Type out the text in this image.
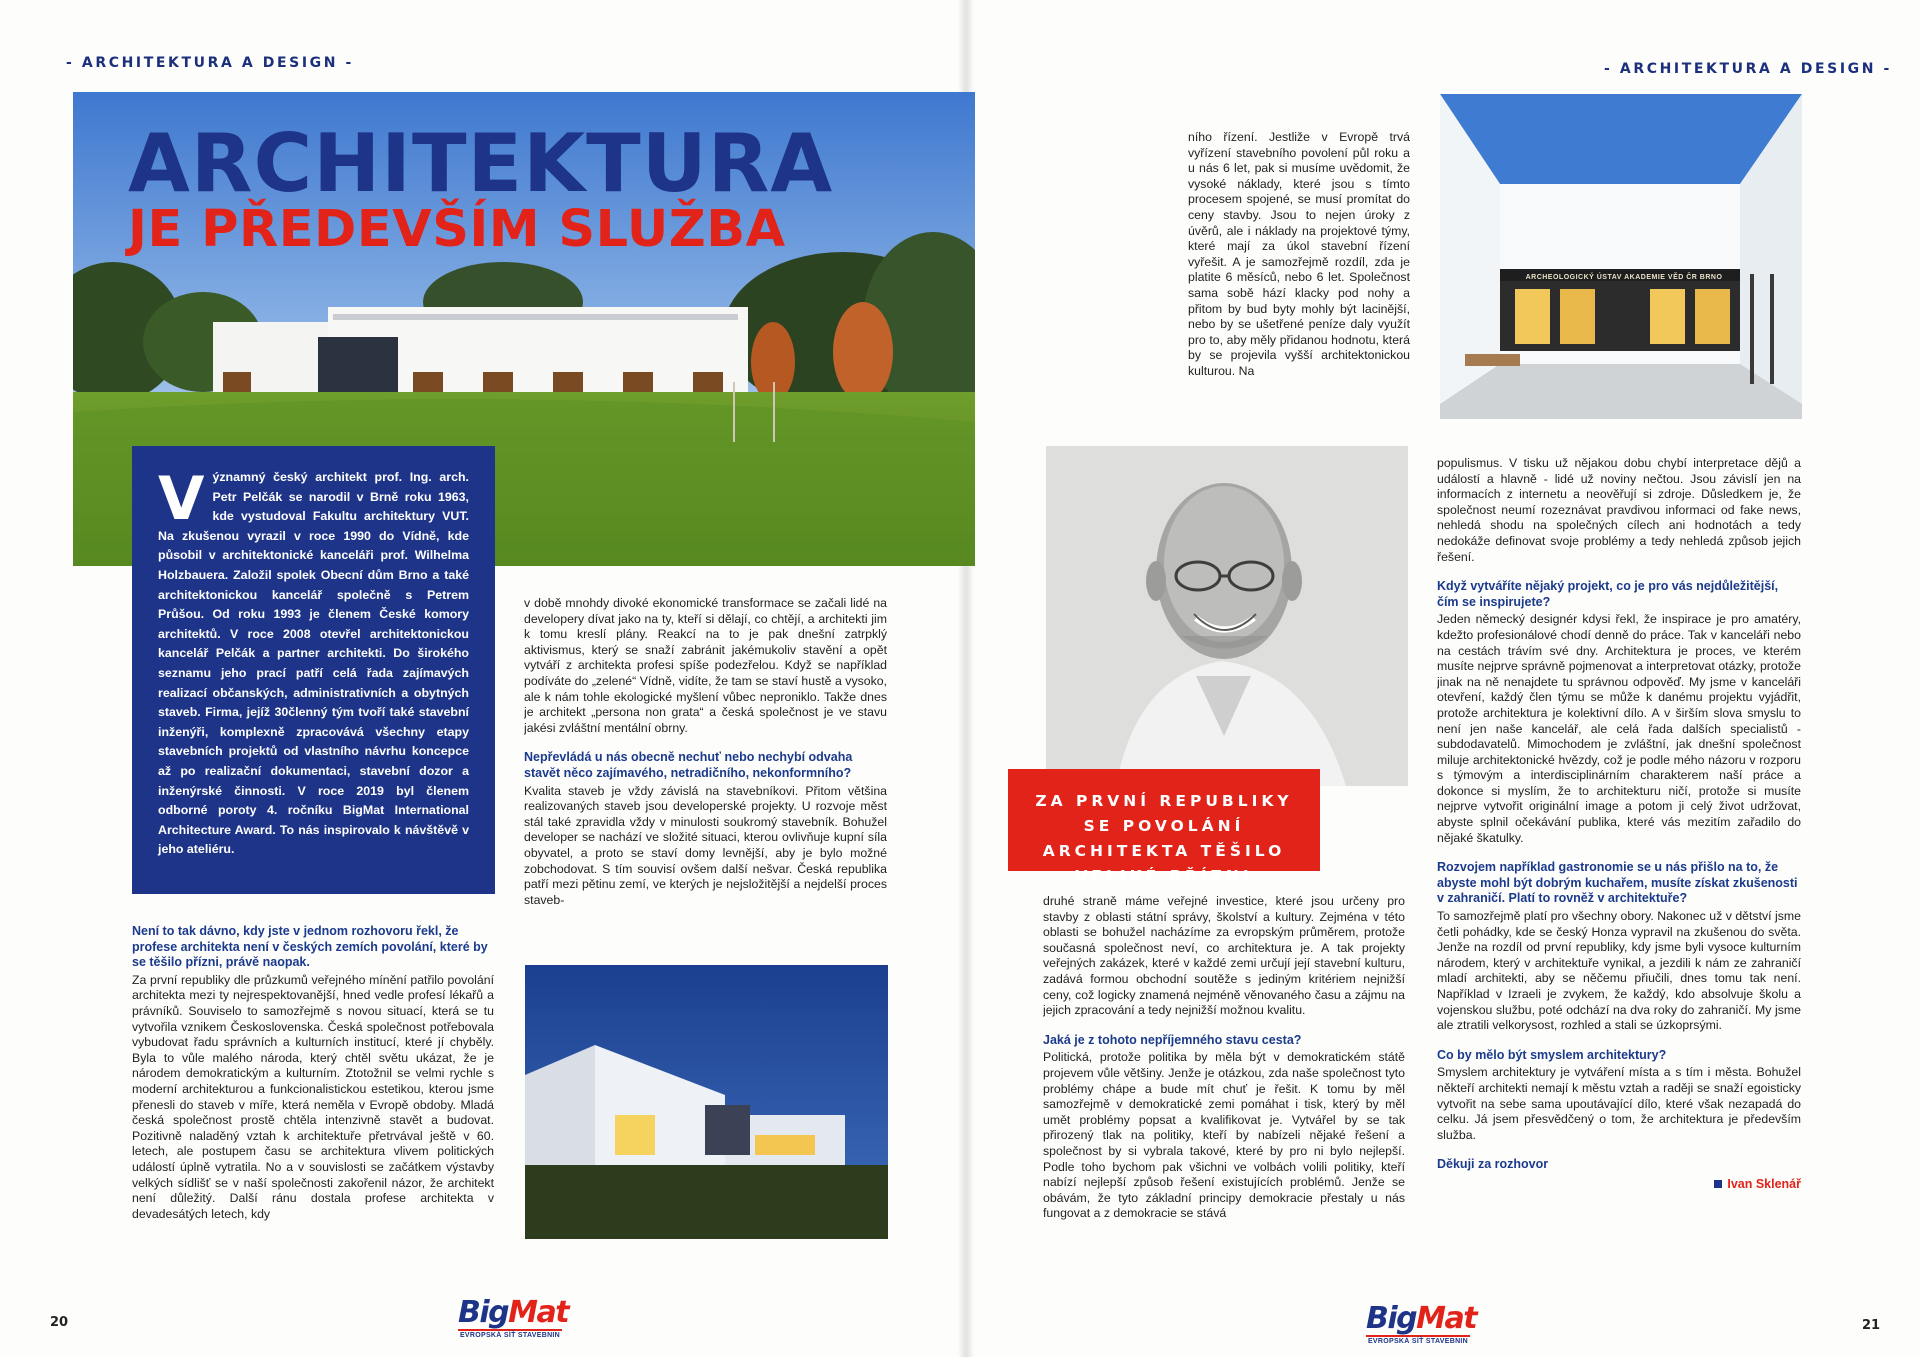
- ARCHITEKTURA A DESIGN -
ARCHITEKTURA
JE PŘEDEVŠÍM SLUŽBA
V ýznamný český architekt prof. Ing. arch. Petr Pelčák se narodil v Brně roku 1963, kde vystudoval Fakultu architektury VUT. Na zkušenou vyrazil v roce 1990 do Vídně, kde působil v architektonické kanceláři prof. Wilhelma Holzbauera. Založil spolek Obecní dům Brno a také architektonickou kancelář společně s Petrem Průšou. Od roku 1993 je členem České komory architektů. V roce 2008 otevřel architektonickou kancelář Pelčák a partner architekti. Do širokého seznamu jeho prací patří celá řada zajímavých realizací občanských, administrativních a obytných staveb. Firma, jejíž 30členný tým tvoří také stavební inženýři, komplexně zpracovává všechny etapy stavebních projektů od vlastního návrhu koncepce až po realizační dokumentaci, stavební dozor a inženýrské činnosti. V roce 2019 byl členem odborné poroty 4. ročníku BigMat International Architecture Award. To nás inspirovalo k návštěvě v jeho ateliéru.

Není to tak dávno, kdy jste v jednom rozhovoru řekl, že profese architekta není v českých zemích povolání, které by se těšilo přízni, právě naopak.

Za první republiky dle průzkumů veřejného mínění patřilo povolání architekta mezi ty nejrespektovanější, hned vedle profesí lékařů a právníků. Souviselo to samozřejmě s novou situací, která se tu vytvořila vznikem Československa. Česká společnost potřebovala vybudovat řadu správních a kulturních institucí, které jí chyběly. Byla to vůle malého národa, který chtěl světu ukázat, že je národem demokratickým a kulturním. Ztotožnil se velmi rychle s moderní architekturou a funkcionalistickou estetikou, kterou jsme přenesli do staveb v míře, která neměla v Evropě obdoby. Mladá česká společnost prostě chtěla intenzivně stavět a budovat. Pozitivně naladěný vztah k architektuře přetrvával ještě v 60. letech, ale postupem času se architektura vlivem politických událostí úplně vytratila. No a v souvislosti se začátkem výstavby velkých sídlišť se v naší společnosti zakořenil názor, že architekt není důležitý. Další ránu dostala profese architekta v devadesátých letech, kdy

v době mnohdy divoké ekonomické transformace se začali lidé na developery dívat jako na ty, kteří si dělají, co chtějí, a architekti jim k tomu kreslí plány. Reakcí na to je pak dnešní zatrpklý aktivismus, který se snaží zabránit jakémukoliv stavění a opět vytváří z architekta profesi spíše podezřelou. Když se například podíváte do „zelené“ Vídně, vidíte, že tam se staví hustě a vysoko, ale k nám tohle ekologické myšlení vůbec neproniklo. Takže dnes je architekt „persona non grata“ a česká společnost je ve stavu jakési zvláštní mentální obrny.

Nepřevládá u nás obecně nechuť nebo nechybí odvaha stavět něco zajímavého, netradičního, nekonformního?

Kvalita staveb je vždy závislá na stavebníkovi. Přitom většina realizovaných staveb jsou developerské projekty. U rozvoje měst stál také zpravidla vždy v minulosti soukromý stavebník. Bohužel developer se nachází ve složité situaci, kterou ovlivňuje kupní síla obyvatel, a proto se staví domy levnější, aby je bylo možné zobchodovat. S tím souvisí ovšem další nešvar. Česká republika patří mezi pětinu zemí, ve kterých je nejsložitější a nejdelší proces staveb-

20	BigMat
EVROPSKÁ SÍŤ STAVEBNIN
- ARCHITEKTURA A DESIGN -

ního řízení. Jestliže v Evropě trvá vyřízení stavebního povolení půl roku a u nás 6 let, pak si musíme uvědomit, že vysoké náklady, které jsou s tímto procesem spojené, se musí promítat do ceny stavby. Jsou to nejen úroky z úvěrů, ale i náklady na projektové týmy, které mají za úkol stavební řízení vyřešit. A je samozřejmě rozdíl, zda je platite 6 měsíců, nebo 6 let. Společnost sama sobě hází klacky pod nohy a přitom by bud byty mohly být lacinější, nebo by se ušetřené peníze daly využít pro to, aby měly přidanou hodnotu, která by se projevila vyšší architektonickou kulturou. Na

ARCHEOLOGICKÝ ÚSTAV AKADEMIE VĚD ČR BRNO
ZA PRVNÍ REPUBLIKY SE POVOLÁNÍ ARCHITEKTA TĚŠILO VELIKÉ PŘÍZNI

druhé straně máme veřejné investice, které jsou určeny pro stavby z oblasti státní správy, školství a kultury. Zejména v této oblasti se bohužel nacházíme za evropským průměrem, protože současná společnost neví, co architektura je. A tak projekty veřejných zakázek, které v každé zemi určují její stavební kulturu, zadává formou obchodní soutěže s jediným kritériem nejnižší ceny, což logicky znamená nejméně věnovaného času a zájmu na jejich zpracování a tedy nejnižší možnou kvalitu.

Jaká je z tohoto nepříjemného stavu cesta?

Politická, protože politika by měla být v demokratickém státě projevem vůle většiny. Jenže je otázkou, zda naše společnost tyto problémy chápe a bude mít chuť je řešit. K tomu by měl samozřejmě v demokratické zemi pomáhat i tisk, který by měl umět problémy popsat a kvalifikovat je. Vytvářel by se tak přirozený tlak na politiky, kteří by nabízeli nějaké řešení a společnost by si vybrala takové, které by pro ni bylo nejlepší. Podle toho bychom pak všichni ve volbách volili politiky, kteří nabízí nejlepší způsob řešení existujících problémů. Jenže se obávám, že tyto základní principy demokracie přestaly u nás fungovat a z demokracie se stává

populismus. V tisku už nějakou dobu chybí interpretace dějů a událostí a hlavně - lidé už noviny nečtou. Jsou závislí jen na informacích z internetu a neověřují si zdroje. Důsledkem je, že společnost neumí rozeznávat pravdivou informaci od fake news, nehledá shodu na společných cílech ani hodnotách a tedy nedokáže definovat svoje problémy a tedy nehledá způsob jejich řešení.

Když vytváříte nějaký projekt, co je pro vás nejdůležitější, čím se inspirujete?

Jeden německý designér kdysi řekl, že inspirace je pro amatéry, kdežto profesionálové chodí denně do práce. Tak v kanceláři nebo na cestách trávím své dny. Architektura je proces, ve kterém musíte nejprve správně pojmenovat a interpretovat otázky, protože jinak na ně nenajdete tu správnou odpověď. My jsme v kanceláři otevření, každý člen týmu se může k danému projektu vyjádřit, protože architektura je kolektivní dílo. A v širším slova smyslu to není jen naše kancelář, ale celá řada dalších specialistů - subdodavatelů. Mimochodem je zvláštní, jak dnešní společnost miluje architektonické hvězdy, což je podle mého názoru v rozporu s týmovým a interdisciplinárním charakterem naší práce a dokonce si myslím, že to architekturu ničí, protože si musíte nejprve vytvořit originální image a potom ji celý život udržovat, abyste splnil očekávání publika, které vás mezitím zařadilo do nějaké škatulky.

Rozvojem například gastronomie se u nás přišlo na to, že abyste mohl být dobrým kuchařem, musíte získat zkušenosti v zahraničí. Platí to rovněž v architektuře?

To samozřejmě platí pro všechny obory. Nakonec už v dětství jsme četli pohádky, kde se český Honza vypravil na zkušenou do světa. Jenže na rozdíl od první republiky, kdy jsme byli vysoce kulturním národem, který v architektuře vynikal, a jezdili k nám ze zahraničí mladí architekti, aby se něčemu přiučili, dnes tomu tak není. Například v Izraeli je zvykem, že každý, kdo absolvuje školu a vojenskou službu, poté odchází na dva roky do zahraničí. My jsme ale ztratili velkorysost, rozhled a stali se úzkoprsými.

Co by mělo být smyslem architektury?

Smyslem architektury je vytváření místa a s tím i města. Bohužel někteří architekti nemají k městu vztah a raději se snaží egoisticky vytvořit na sebe sama upoutávající dílo, které však nezapadá do celku. Já jsem přesvědčený o tom, že architektura je především služba.

Děkuji za rozhovor

Ivan Sklenář
BigMat
EVROPSKÁ SÍŤ STAVEBNIN
21
